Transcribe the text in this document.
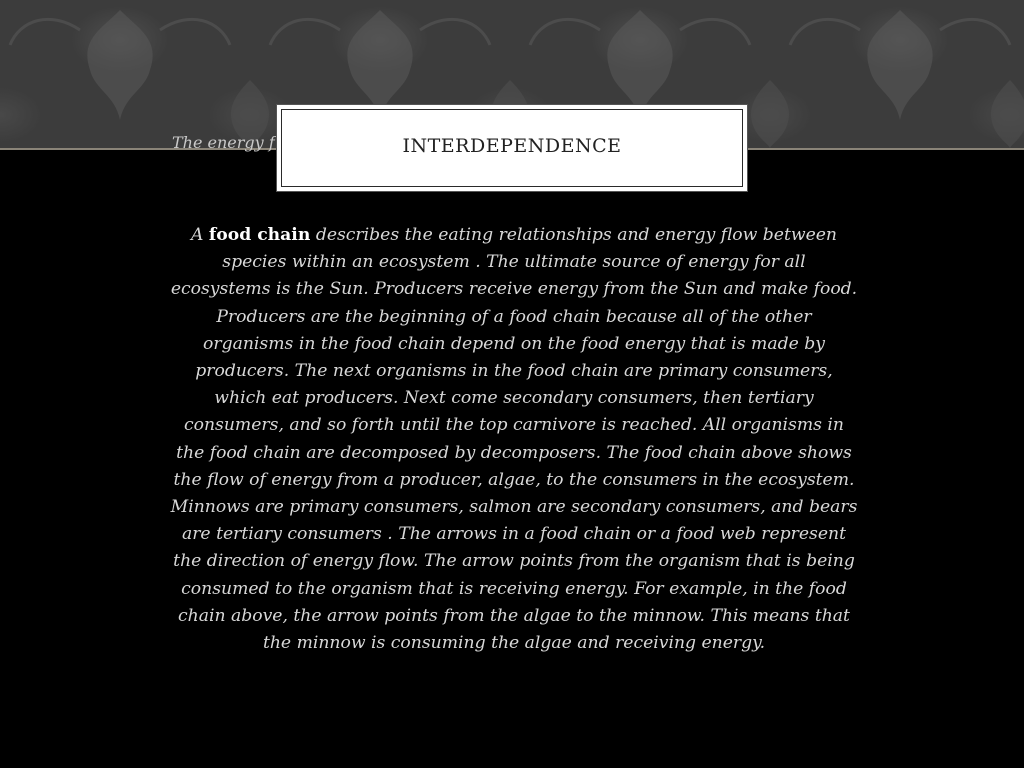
The energy f	INTERDEPENDENCE
A food chain describes the eating relationships and energy flow between species within an ecosystem . The ultimate source of energy for all ecosystems is the Sun. Producers receive energy from the Sun and make food. Producers are the beginning of a food chain because all of the other organisms in the food chain depend on the food energy that is made by producers. The next organisms in the food chain are primary consumers, which eat producers. Next come secondary consumers, then tertiary consumers, and so forth until the top carnivore is reached. All organisms in the food chain are decomposed by decomposers. The food chain above shows the flow of energy from a producer, algae, to the consumers in the ecosystem. Minnows are primary consumers, salmon are secondary consumers, and bears are tertiary consumers . The arrows in a food chain or a food web represent the direction of energy flow. The arrow points from the organism that is being consumed to the organism that is receiving energy. For example, in the food chain above, the arrow points from the algae to the minnow. This means that the minnow is consuming the algae and receiving energy.
